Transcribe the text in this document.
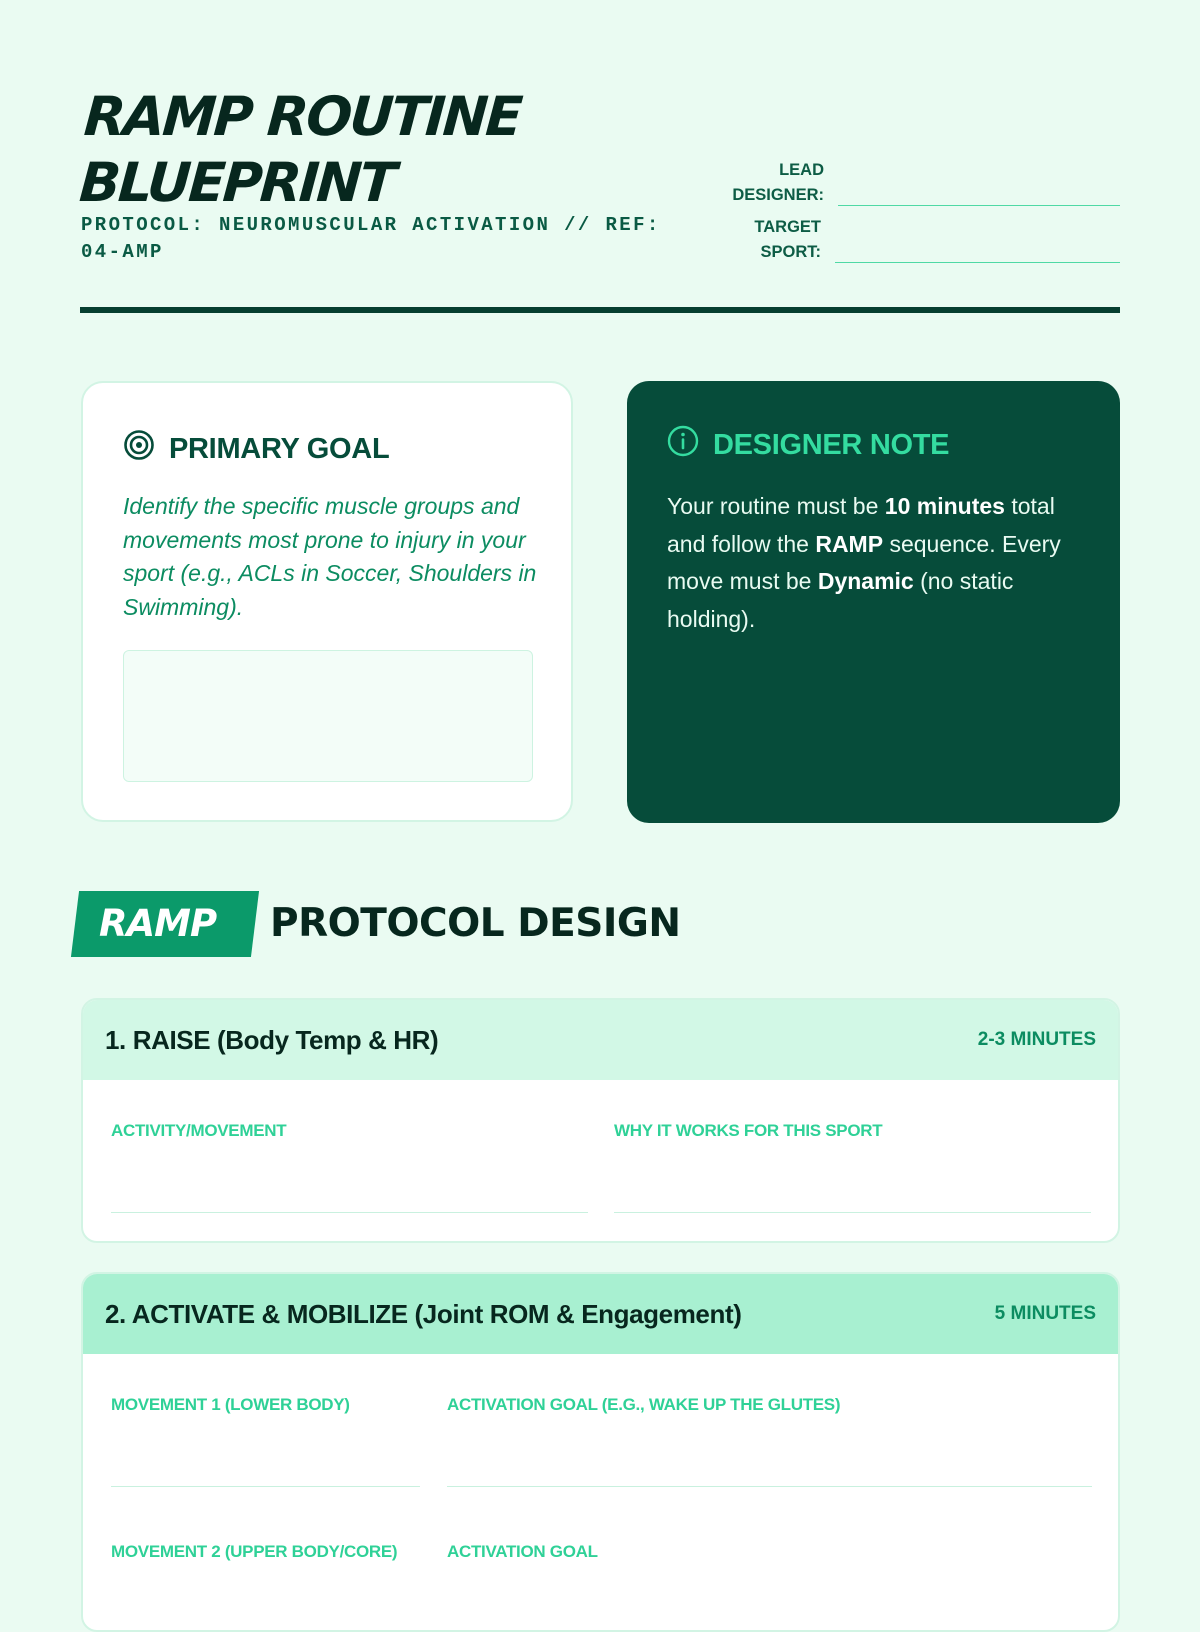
RAMP ROUTINE
BLUEPRINT

PROTOCOL: NEUROMUSCULAR ACTIVATION // REF: 04-AMP

LEAD
DESIGNER:
TARGET
SPORT:
PRIMARY GOAL

Identify the specific muscle groups and movements most prone to injury in your sport (e.g., ACLs in Soccer, Shoulders in Swimming).

DESIGNER NOTE

Your routine must be 10 minutes total and follow the RAMP sequence. Every move must be Dynamic (no static holding).

RAMP PROTOCOL DESIGN
1. RAISE (Body Temp & HR)	2-3 MINUTES
ACTIVITY/MOVEMENT	WHY IT WORKS FOR THIS SPORT
2. ACTIVATE & MOBILIZE (Joint ROM & Engagement)	5 MINUTES
MOVEMENT 1 (LOWER BODY)	ACTIVATION GOAL (E.G., WAKE UP THE GLUTES)
MOVEMENT 2 (UPPER BODY/CORE)	ACTIVATION GOAL
